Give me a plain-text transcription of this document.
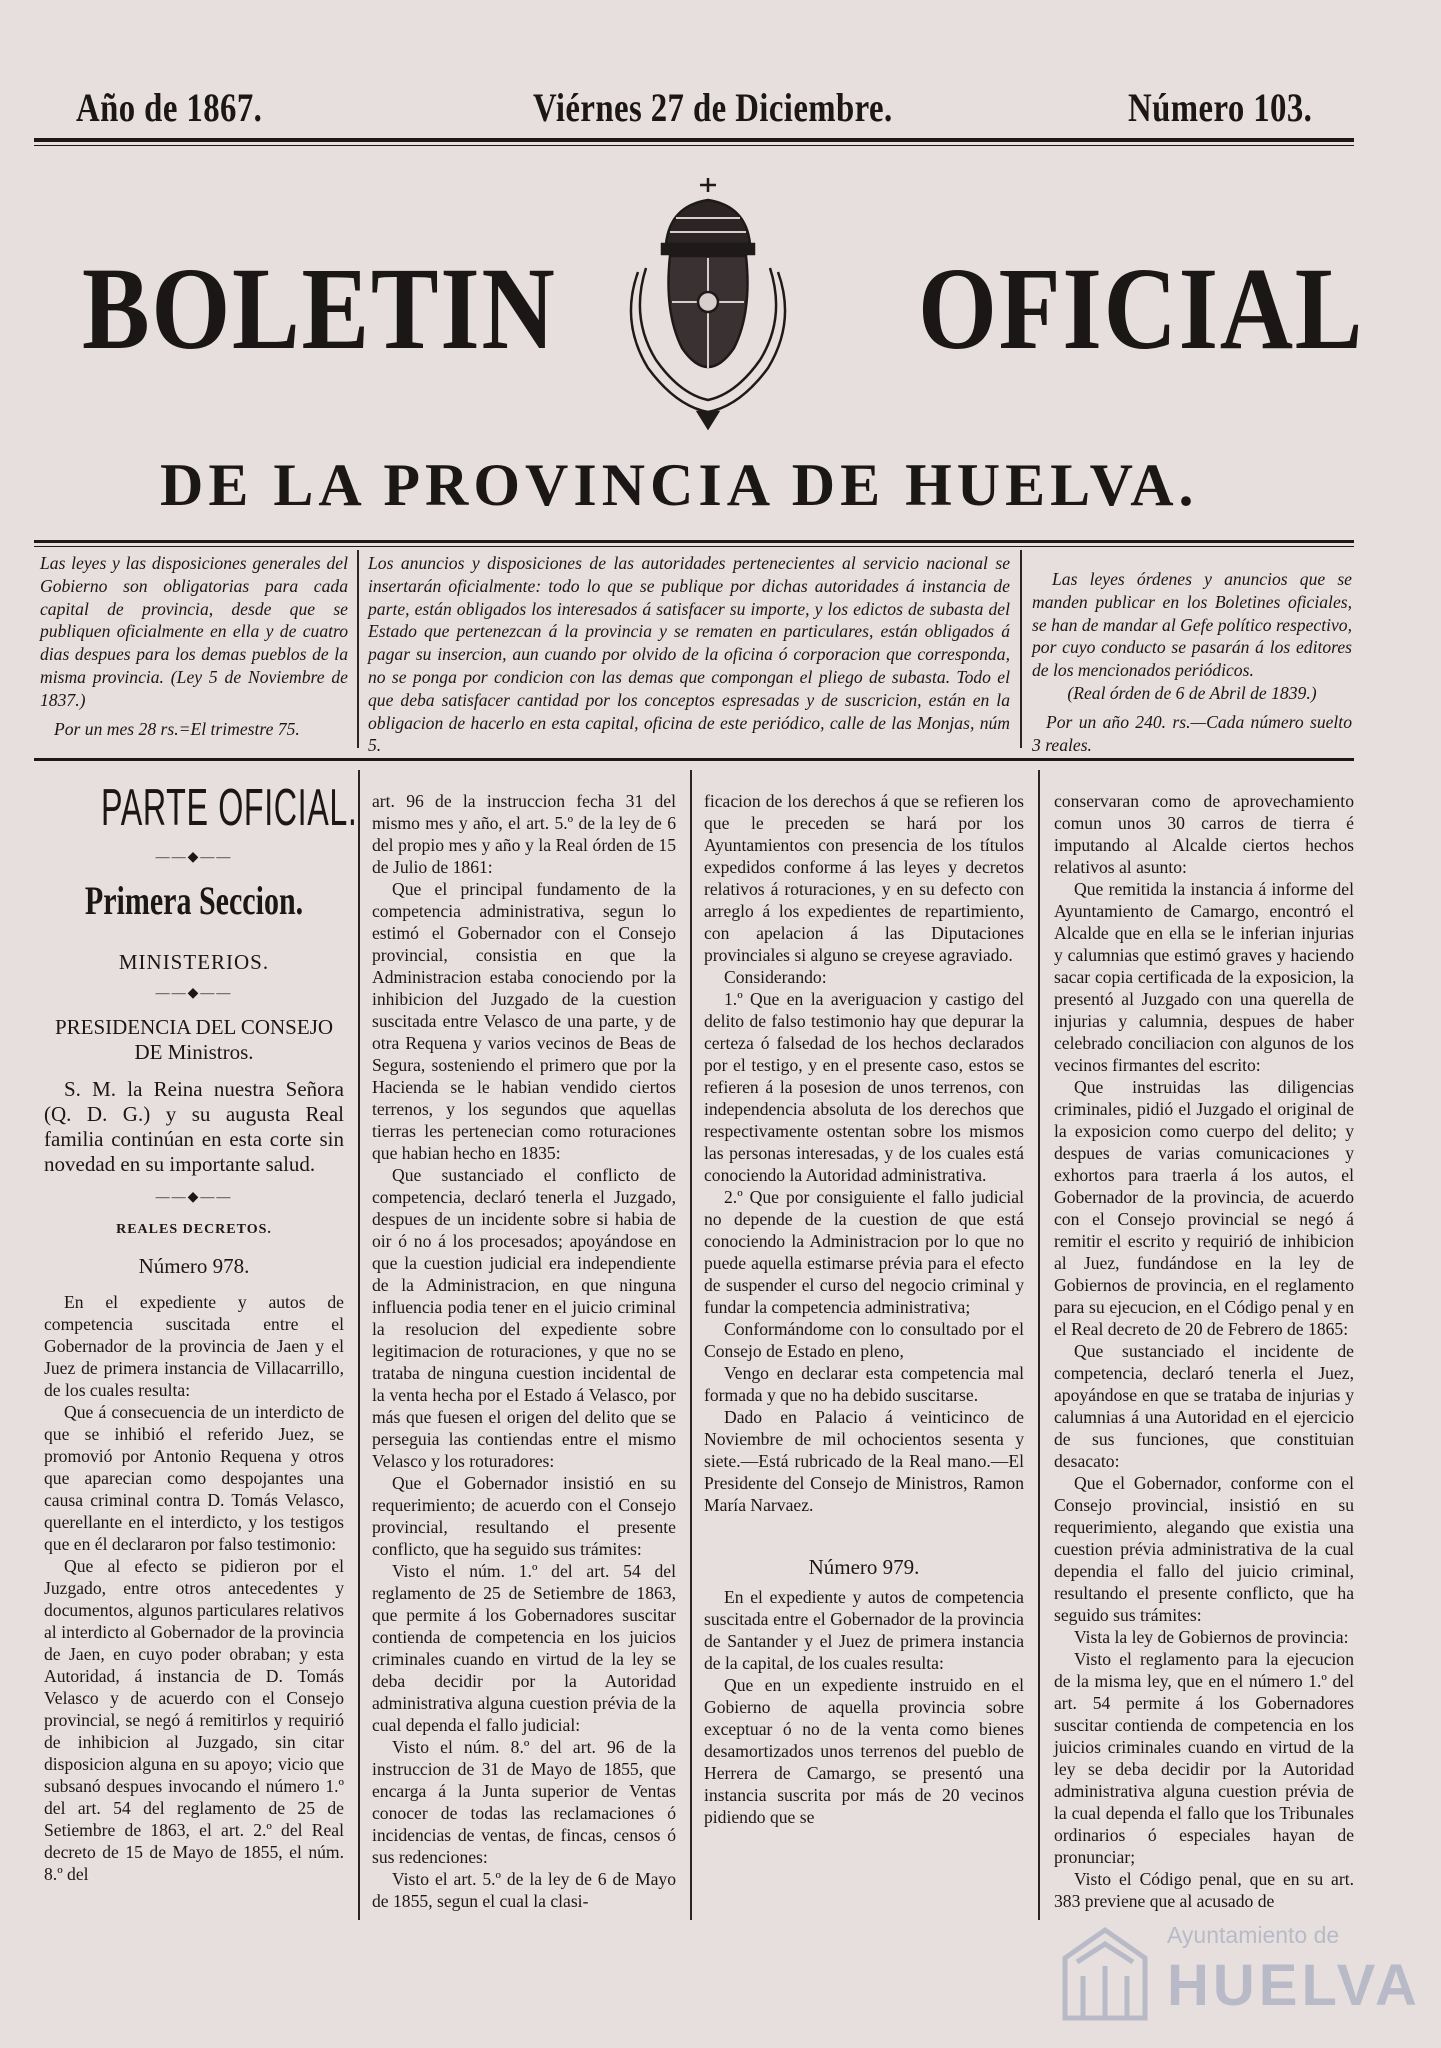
Año de 1867.	Viérnes 27 de Diciembre.	Número 103.
BOLETIN	OFICIAL
DE LA PROVINCIA DE HUELVA.

Las leyes y las disposiciones generales del Gobierno son obligatorias para cada capital de provincia, desde que se publiquen oficialmente en ella y de cuatro dias despues para los demas pueblos de la misma provincia. (Ley 5 de Noviembre de 1837.)

Por un mes 28 rs.=El trimestre 75.

Los anuncios y disposiciones de las autoridades pertenecientes al servicio nacional se insertarán oficialmente: todo lo que se publique por dichas autoridades á instancia de parte, están obligados los interesados á satisfacer su importe, y los edictos de subasta del Estado que pertenezcan á la provincia y se rematen en particulares, están obligados á pagar su insercion, aun cuando por olvido de la oficina ó corporacion que corresponda, no se ponga por condicion con las demas que compongan el pliego de subasta. Todo el que deba satisfacer cantidad por los conceptos espresadas y de suscricion, están en la obligacion de hacerlo en esta capital, oficina de este periódico, calle de las Monjas, núm 5.

Las leyes órdenes y anuncios que se manden publicar en los Boletines oficiales, se han de mandar al Gefe político respectivo, por cuyo conducto se pasarán á los editores de los mencionados periódicos.

(Real órden de 6 de Abril de 1839.)

Por un año 240. rs.—Cada número suelto 3 reales.

PARTE OFICIAL.
——◆——
Primera Seccion.
MINISTERIOS.
——◆——
PRESIDENCIA DEL CONSEJO DE Ministros.

S. M. la Reina nuestra Señora (Q. D. G.) y su augusta Real familia continúan en esta corte sin novedad en su importante salud.

——◆——
REALES DECRETOS.
Número 978.

En el expediente y autos de competencia suscitada entre el Gobernador de la provincia de Jaen y el Juez de primera instancia de Villacarrillo, de los cuales resulta:

Que á consecuencia de un interdicto de que se inhibió el referido Juez, se promovió por Antonio Requena y otros que aparecian como despojantes una causa criminal contra D. Tomás Velasco, querellante en el interdicto, y los testigos que en él declararon por falso testimonio:

Que al efecto se pidieron por el Juzgado, entre otros antecedentes y documentos, algunos particulares relativos al interdicto al Gobernador de la provincia de Jaen, en cuyo poder obraban; y esta Autoridad, á instancia de D. Tomás Velasco y de acuerdo con el Consejo provincial, se negó á remitirlos y requirió de inhibicion al Juzgado, sin citar disposicion alguna en su apoyo; vicio que subsanó despues invocando el número 1.º del art. 54 del reglamento de 25 de Setiembre de 1863, el art. 2.º del Real decreto de 15 de Mayo de 1855, el núm. 8.º del

art. 96 de la instruccion fecha 31 del mismo mes y año, el art. 5.º de la ley de 6 del propio mes y año y la Real órden de 15 de Julio de 1861:

Que el principal fundamento de la competencia administrativa, segun lo estimó el Gobernador con el Consejo provincial, consistia en que la Administracion estaba conociendo por la inhibicion del Juzgado de la cuestion suscitada entre Velasco de una parte, y de otra Requena y varios vecinos de Beas de Segura, sosteniendo el primero que por la Hacienda se le habian vendido ciertos terrenos, y los segundos que aquellas tierras les pertenecian como roturaciones que habian hecho en 1835:

Que sustanciado el conflicto de competencia, declaró tenerla el Juzgado, despues de un incidente sobre si habia de oir ó no á los procesados; apoyándose en que la cuestion judicial era independiente de la Administracion, en que ninguna influencia podia tener en el juicio criminal la resolucion del expediente sobre legitimacion de roturaciones, y que no se trataba de ninguna cuestion incidental de la venta hecha por el Estado á Velasco, por más que fuesen el origen del delito que se perseguia las contiendas entre el mismo Velasco y los roturadores:

Que el Gobernador insistió en su requerimiento; de acuerdo con el Consejo provincial, resultando el presente conflicto, que ha seguido sus trámites:

Visto el núm. 1.º del art. 54 del reglamento de 25 de Setiembre de 1863, que permite á los Gobernadores suscitar contienda de competencia en los juicios criminales cuando en virtud de la ley se deba decidir por la Autoridad administrativa alguna cuestion prévia de la cual dependa el fallo judicial:

Visto el núm. 8.º del art. 96 de la instruccion de 31 de Mayo de 1855, que encarga á la Junta superior de Ventas conocer de todas las reclamaciones ó incidencias de ventas, de fincas, censos ó sus redenciones:

Visto el art. 5.º de la ley de 6 de Mayo de 1855, segun el cual la clasi-

ficacion de los derechos á que se refieren los que le preceden se hará por los Ayuntamientos con presencia de los títulos expedidos conforme á las leyes y decretos relativos á roturaciones, y en su defecto con arreglo á los expedientes de repartimiento, con apelacion á las Diputaciones provinciales si alguno se creyese agraviado.

Considerando:

1.º Que en la averiguacion y castigo del delito de falso testimonio hay que depurar la certeza ó falsedad de los hechos declarados por el testigo, y en el presente caso, estos se refieren á la posesion de unos terrenos, con independencia absoluta de los derechos que respectivamente ostentan sobre los mismos las personas interesadas, y de los cuales está conociendo la Autoridad administrativa.

2.º Que por consiguiente el fallo judicial no depende de la cuestion de que está conociendo la Administracion por lo que no puede aquella estimarse prévia para el efecto de suspender el curso del negocio criminal y fundar la competencia administrativa;

Conformándome con lo consultado por el Consejo de Estado en pleno,

Vengo en declarar esta competencia mal formada y que no ha debido suscitarse.

Dado en Palacio á veinticinco de Noviembre de mil ochocientos sesenta y siete.—Está rubricado de la Real mano.—El Presidente del Consejo de Ministros, Ramon María Narvaez.

Número 979.

En el expediente y autos de competencia suscitada entre el Gobernador de la provincia de Santander y el Juez de primera instancia de la capital, de los cuales resulta:

Que en un expediente instruido en el Gobierno de aquella provincia sobre exceptuar ó no de la venta como bienes desamortizados unos terrenos del pueblo de Herrera de Camargo, se presentó una instancia suscrita por más de 20 vecinos pidiendo que se

conservaran como de aprovechamiento comun unos 30 carros de tierra é imputando al Alcalde ciertos hechos relativos al asunto:

Que remitida la instancia á informe del Ayuntamiento de Camargo, encontró el Alcalde que en ella se le inferian injurias y calumnias que estimó graves y haciendo sacar copia certificada de la exposicion, la presentó al Juzgado con una querella de injurias y calumnia, despues de haber celebrado conciliacion con algunos de los vecinos firmantes del escrito:

Que instruidas las diligencias criminales, pidió el Juzgado el original de la exposicion como cuerpo del delito; y despues de varias comunicaciones y exhortos para traerla á los autos, el Gobernador de la provincia, de acuerdo con el Consejo provincial se negó á remitir el escrito y requirió de inhibicion al Juez, fundándose en la ley de Gobiernos de provincia, en el reglamento para su ejecucion, en el Código penal y en el Real decreto de 20 de Febrero de 1865:

Que sustanciado el incidente de competencia, declaró tenerla el Juez, apoyándose en que se trataba de injurias y calumnias á una Autoridad en el ejercicio de sus funciones, que constituian desacato:

Que el Gobernador, conforme con el Consejo provincial, insistió en su requerimiento, alegando que existia una cuestion prévia administrativa de la cual dependia el fallo del juicio criminal, resultando el presente conflicto, que ha seguido sus trámites:

Vista la ley de Gobiernos de provincia:

Visto el reglamento para la ejecucion de la misma ley, que en el número 1.º del art. 54 permite á los Gobernadores suscitar contienda de competencia en los juicios criminales cuando en virtud de la ley se deba decidir por la Autoridad administrativa alguna cuestion prévia de la cual dependa el fallo que los Tribunales ordinarios ó especiales hayan de pronunciar;

Visto el Código penal, que en su art. 383 previene que al acusado de

Ayuntamiento de
HUELVA
